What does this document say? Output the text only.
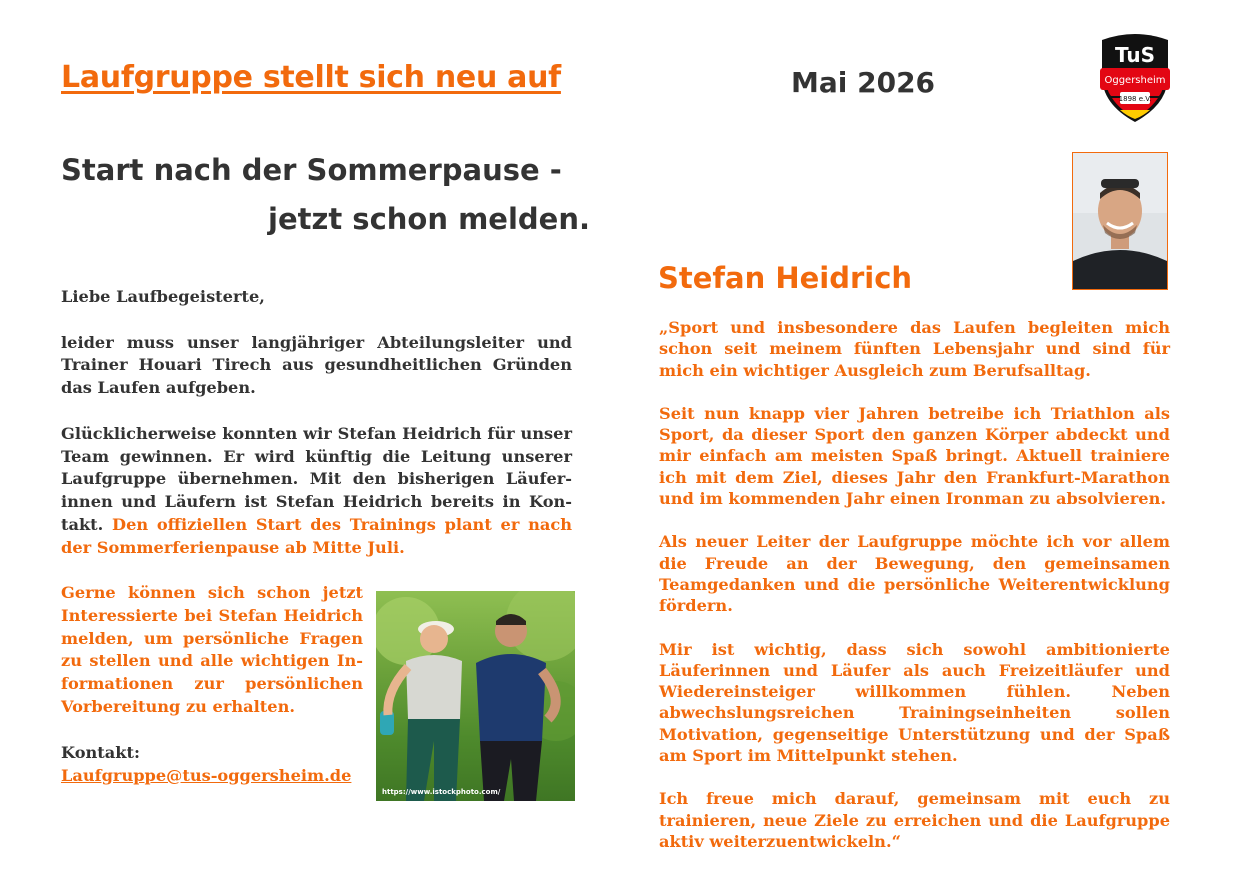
Laufgruppe stellt sich neu auf	Mai 2026
TuS
Oggersheim
1898 e.V.
Start nach der Sommerpause -
jetzt schon melden.

Liebe Laufbegeisterte,

leider muss unser langjähriger Abteilungsleiter und Trainer Houari Tirech aus gesundheitlichen Gründen das Laufen aufgeben.

Glücklicherweise konnten wir Stefan Heidrich für unser Team gewinnen. Er wird künftig die Leitung unserer Laufgruppe übernehmen. Mit den bisherigen Läuferinnen und Läufern ist Stefan Heidrich bereits in Kontakt. Den offiziellen Start des Trainings plant er nach der Sommerferienpause ab Mitte Juli.

Gerne können sich schon jetzt Interessierte bei Stefan Heidrich melden, um persönliche Fragen zu stellen und alle wichtigen Informationen zur persönlichen Vorbereitung zu erhalten.

Kontakt:
Laufgruppe@tus-oggersheim.de
https://www.istockphoto.com/
Stefan Heidrich

„Sport und insbesondere das Laufen begleiten mich schon seit meinem fünften Lebensjahr und sind für mich ein wichtiger Ausgleich zum Berufsalltag.

Seit nun knapp vier Jahren betreibe ich Triathlon als Sport, da dieser Sport den ganzen Körper abdeckt und mir einfach am meisten Spaß bringt. Aktuell trainiere ich mit dem Ziel, dieses Jahr den Frankfurt-Marathon und im kommenden Jahr einen Ironman zu absolvieren.

Als neuer Leiter der Laufgruppe möchte ich vor allem die Freude an der Bewegung, den gemeinsamen Teamgedanken und die persönliche Weiterentwicklung fördern.

Mir ist wichtig, dass sich sowohl ambitionierte Läuferinnen und Läufer als auch Freizeitläufer und Wiedereinsteiger willkommen fühlen. Neben abwechslungsreichen Trainingseinheiten sollen Motivation, gegenseitige Unterstützung und der Spaß am Sport im Mittelpunkt stehen.

Ich freue mich darauf, gemeinsam mit euch zu trainieren, neue Ziele zu erreichen und die Laufgruppe aktiv weiterzuentwickeln.“
